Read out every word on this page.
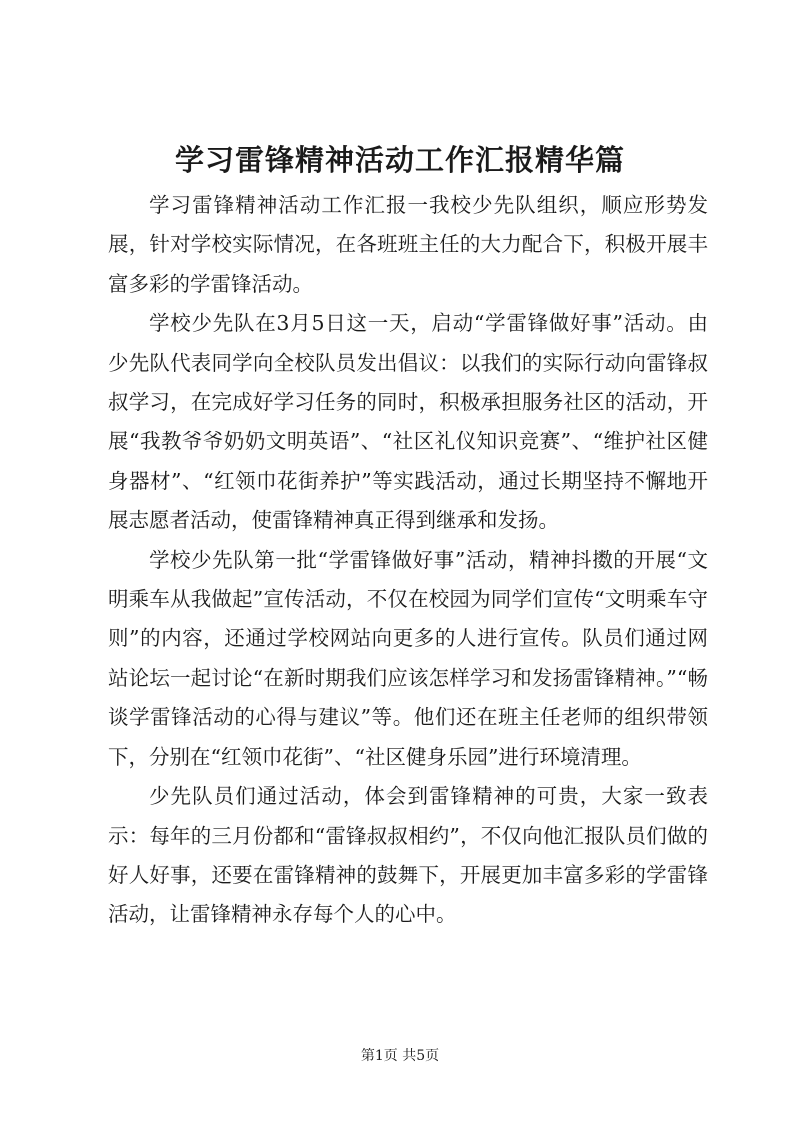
学习雷锋精神活动工作汇报精华篇

学习雷锋精神活动工作汇报一我校少先队组织，顺应形势发展，针对学校实际情况，在各班班主任的大力配合下，积极开展丰富多彩的学雷锋活动。

学校少先队在3月5日这一天，启动“学雷锋做好事”活动。由少先队代表同学向全校队员发出倡议：以我们的实际行动向雷锋叔叔学习，在完成好学习任务的同时，积极承担服务社区的活动，开展“我教爷爷奶奶文明英语”、“社区礼仪知识竞赛”、“维护社区健身器材”、“红领巾花街养护”等实践活动，通过长期坚持不懈地开展志愿者活动，使雷锋精神真正得到继承和发扬。

学校少先队第一批“学雷锋做好事”活动，精神抖擞的开展“文明乘车从我做起”宣传活动，不仅在校园为同学们宣传“文明乘车守则”的内容，还通过学校网站向更多的人进行宣传。队员们通过网站论坛一起讨论“在新时期我们应该怎样学习和发扬雷锋精神。”“畅谈学雷锋活动的心得与建议”等。他们还在班主任老师的组织带领下，分别在“红领巾花街”、“社区健身乐园”进行环境清理。

少先队员们通过活动，体会到雷锋精神的可贵，大家一致表示：每年的三月份都和“雷锋叔叔相约”，不仅向他汇报队员们做的好人好事，还要在雷锋精神的鼓舞下，开展更加丰富多彩的学雷锋活动，让雷锋精神永存每个人的心中。

第1页 共5页
